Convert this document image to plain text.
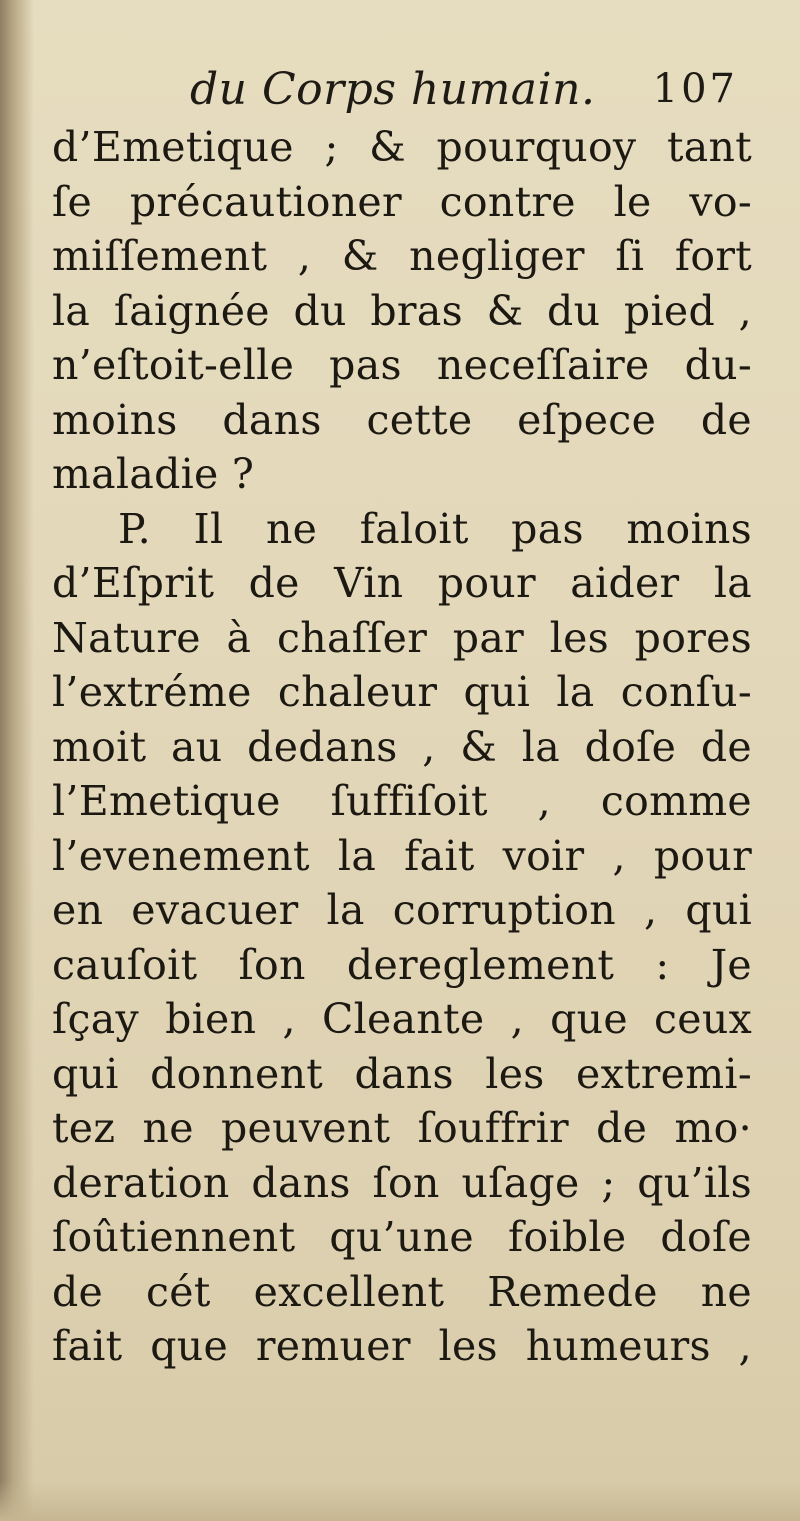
du Corps humain. 107
d’Emetique ; & pourquoy tant
ſe précautioner contre le vo-
miſſement , & negliger ſi fort
la ſaignée du bras & du pied ,
n’eſtoit-elle pas neceſſaire du-
moins dans cette eſpece de
maladie ?
P. Il ne faloit pas moins
d’Eſprit de Vin pour aider la
Nature à chaſſer par les pores
l’extréme chaleur qui la conſu-
moit au dedans , & la doſe de
l’Emetique ſuffiſoit , comme
l’evenement la fait voir , pour
en evacuer la corruption , qui
cauſoit ſon dereglement : Je
ſçay bien , Cleante , que ceux
qui donnent dans les extremi-
tez ne peuvent ſouffrir de mo·
deration dans ſon uſage ; qu’ils
ſoûtiennent qu’une foible doſe
de cét excellent Remede ne
fait que remuer les humeurs ,
